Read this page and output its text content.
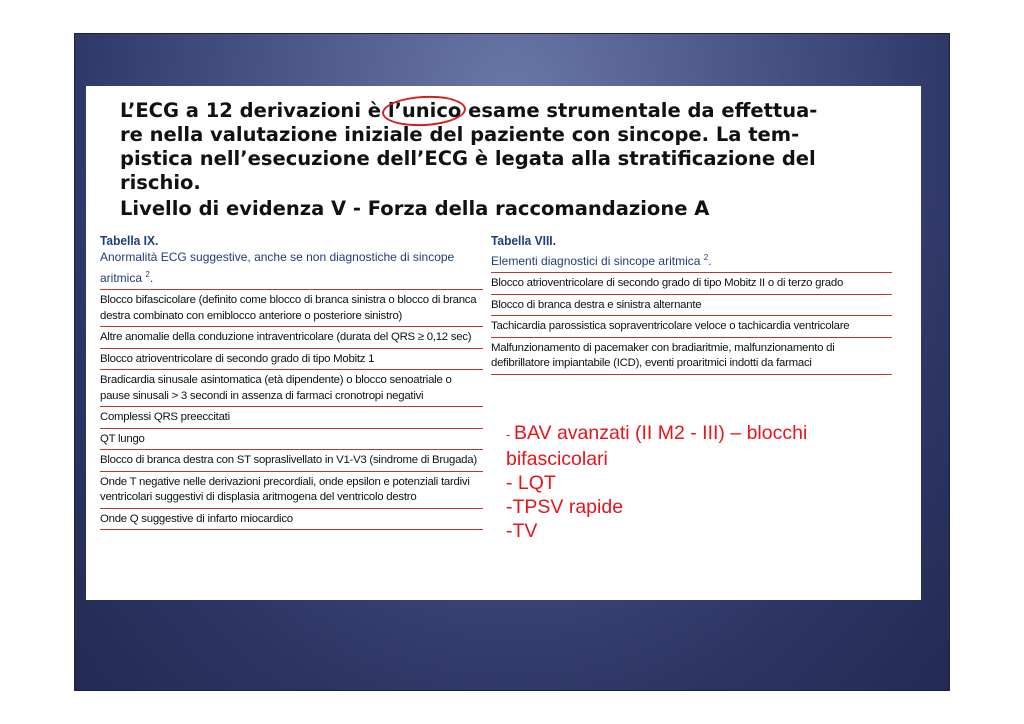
L’ECG a 12 derivazioni è l’unico esame strumentale da effettua-
re nella valutazione iniziale del paziente con sincope. La tem-
pistica nell’esecuzione dell’ECG è legata alla stratificazione del
rischio.
Livello di evidenza V - Forza della raccomandazione A
Tabella IX.
Anormalità ECG suggestive, anche se non diagnostiche di sincope aritmica $^2$.
Blocco bifascicolare (definito come blocco di branca sinistra o blocco di branca destra combinato con emiblocco anteriore o posteriore sinistro)
Altre anomalie della conduzione intraventricolare (durata del QRS ≥ 0,12 sec)
Blocco atrioventricolare di secondo grado di tipo Mobitz 1
Bradicardia sinusale asintomatica (età dipendente) o blocco senoatriale o pause sinusali > 3 secondi in assenza di farmaci cronotropi negativi
Complessi QRS preeccitati
QT lungo
Blocco di branca destra con ST sopraslivellato in V1-V3 (sindrome di Brugada)
Onde T negative nelle derivazioni precordiali, onde epsilon e potenziali tardivi ventricolari suggestivi di displasia aritmogena del ventricolo destro
Onde Q suggestive di infarto miocardico
Tabella VIII.
Elementi diagnostici di sincope aritmica $^2$.
Blocco atrioventricolare di secondo grado di tipo Mobitz II o di terzo grado
Blocco di branca destra e sinistra alternante
Tachicardia parossistica sopraventricolare veloce o tachicardia ventricolare
Malfunzionamento di pacemaker con bradiaritmie, malfunzionamento di defibrillatore impiantabile (ICD), eventi proaritmici indotti da farmaci
- BAV avanzati (II M2 - III) – blocchi
bifascicolari
- LQT
-TPSV rapide
-TV
